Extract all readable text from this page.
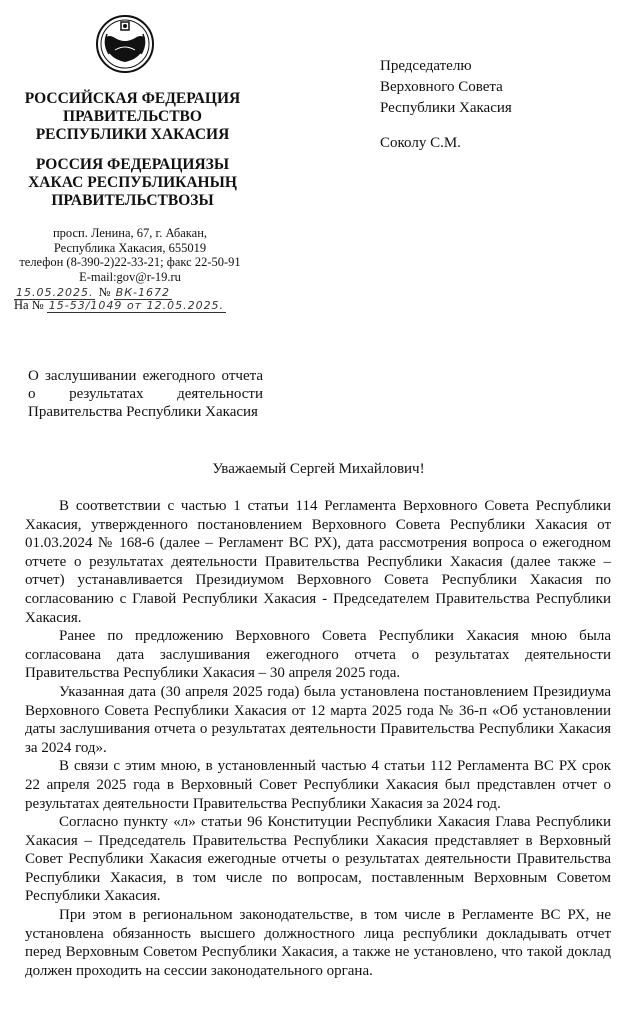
РОССИЙСКАЯ ФЕДЕРАЦИЯ
ПРАВИТЕЛЬСТВО
РЕСПУБЛИКИ ХАКАСИЯ
РОССИЯ ФЕДЕРАЦИЯЗЫ
ХАКАС РЕСПУБЛИКАНЫҢ
ПРАВИТЕЛЬСТВОЗЫ
просп. Ленина, 67, г. Абакан,
Республика Хакасия, 655019
телефон (8-390-2)22-33-21; факс 22-50-91
E-mail:gov@r-19.ru
15.05.2025. № ВК-1672
На № 15-53/1049 от 12.05.2025.
Председателю
Верховного Совета
Республики Хакасия
Соколу С.М.
О заслушивании ежегодного отчета о результатах деятельности Правительства Республики Хакасия
Уважаемый Сергей Михайлович!

В соответствии с частью 1 статьи 114 Регламента Верховного Совета Республики Хакасия, утвержденного постановлением Верховного Совета Республики Хакасия от 01.03.2024 № 168-6 (далее – Регламент ВС РХ), дата рассмотрения вопроса о ежегодном отчете о результатах деятельности Правительства Республики Хакасия (далее также – отчет) устанавливается Президиумом Верховного Совета Республики Хакасия по согласованию с Главой Республики Хакасия - Председателем Правительства Республики Хакасия.

Ранее по предложению Верховного Совета Республики Хакасия мною была согласована дата заслушивания ежегодного отчета о результатах деятельности Правительства Республики Хакасия – 30 апреля 2025 года.

Указанная дата (30 апреля 2025 года) была установлена постановлением Президиума Верховного Совета Республики Хакасия от 12 марта 2025 года № 36-п «Об установлении даты заслушивания отчета о результатах деятельности Правительства Республики Хакасия за 2024 год».

В связи с этим мною, в установленный частью 4 статьи 112 Регламента ВС РХ срок 22 апреля 2025 года в Верховный Совет Республики Хакасия был представлен отчет о результатах деятельности Правительства Республики Хакасия за 2024 год.

Согласно пункту «л» статьи 96 Конституции Республики Хакасия Глава Республики Хакасия – Председатель Правительства Республики Хакасия представляет в Верховный Совет Республики Хакасия ежегодные отчеты о результатах деятельности Правительства Республики Хакасия, в том числе по вопросам, поставленным Верховным Советом Республики Хакасия.

При этом в региональном законодательстве, в том числе в Регламенте ВС РХ, не установлена обязанность высшего должностного лица республики докладывать отчет перед Верховным Советом Республики Хакасия, а также не установлено, что такой доклад должен проходить на сессии законодательного органа.
